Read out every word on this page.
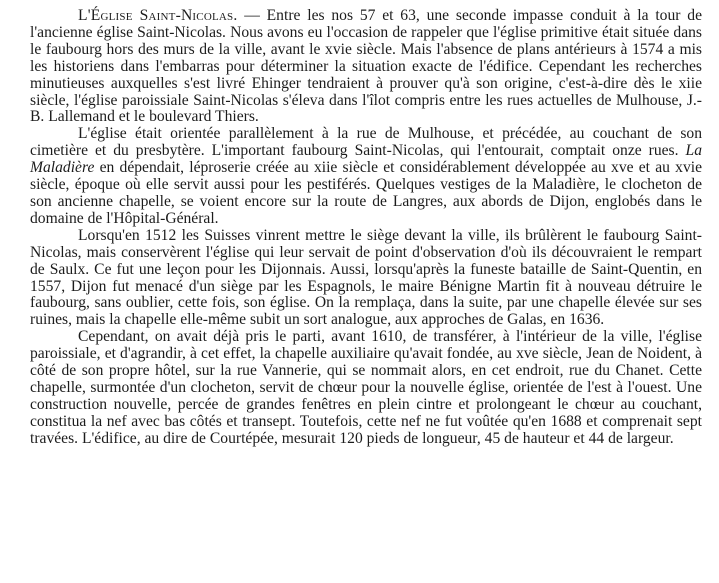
L'Église Saint-Nicolas. — Entre les nos 57 et 63, une seconde impasse conduit à la tour de l'ancienne église Saint-Nicolas. Nous avons eu l'occasion de rappeler que l'église primitive était située dans le faubourg hors des murs de la ville, avant le xvie siècle. Mais l'absence de plans antérieurs à 1574 a mis les historiens dans l'embarras pour déterminer la situation exacte de l'édifice. Cependant les recherches minutieuses auxquelles s'est livré Ehinger tendraient à prouver qu'à son origine, c'est-à-dire dès le xiie siècle, l'église paroissiale Saint-Nicolas s'éleva dans l'îlot compris entre les rues actuelles de Mulhouse, J.-B. Lallemand et le boulevard Thiers.

L'église était orientée parallèlement à la rue de Mulhouse, et précédée, au couchant de son cimetière et du presbytère. L'important faubourg Saint-Nicolas, qui l'entourait, comptait onze rues. La Maladière en dépendait, léproserie créée au xiie siècle et considérablement développée au xve et au xvie siècle, époque où elle servit aussi pour les pestiférés. Quelques vestiges de la Maladière, le clocheton de son ancienne chapelle, se voient encore sur la route de Langres, aux abords de Dijon, englobés dans le domaine de l'Hôpital-Général.

Lorsqu'en 1512 les Suisses vinrent mettre le siège devant la ville, ils brûlèrent le faubourg Saint-Nicolas, mais conservèrent l'église qui leur servait de point d'observation d'où ils découvraient le rempart de Saulx. Ce fut une leçon pour les Dijonnais. Aussi, lorsqu'après la funeste bataille de Saint-Quentin, en 1557, Dijon fut menacé d'un siège par les Espagnols, le maire Bénigne Martin fit à nouveau détruire le faubourg, sans oublier, cette fois, son église. On la remplaça, dans la suite, par une chapelle élevée sur ses ruines, mais la chapelle elle-même subit un sort analogue, aux approches de Galas, en 1636.

Cependant, on avait déjà pris le parti, avant 1610, de transférer, à l'intérieur de la ville, l'église paroissiale, et d'agrandir, à cet effet, la chapelle auxiliaire qu'avait fondée, au xve siècle, Jean de Noident, à côté de son propre hôtel, sur la rue Vannerie, qui se nommait alors, en cet endroit, rue du Chanet. Cette chapelle, surmontée d'un clocheton, servit de chœur pour la nouvelle église, orientée de l'est à l'ouest. Une construction nouvelle, percée de grandes fenêtres en plein cintre et prolongeant le chœur au couchant, constitua la nef avec bas côtés et transept. Toutefois, cette nef ne fut voûtée qu'en 1688 et comprenait sept travées. L'édifice, au dire de Courtépée, mesurait 120 pieds de longueur, 45 de hauteur et 44 de largeur.
